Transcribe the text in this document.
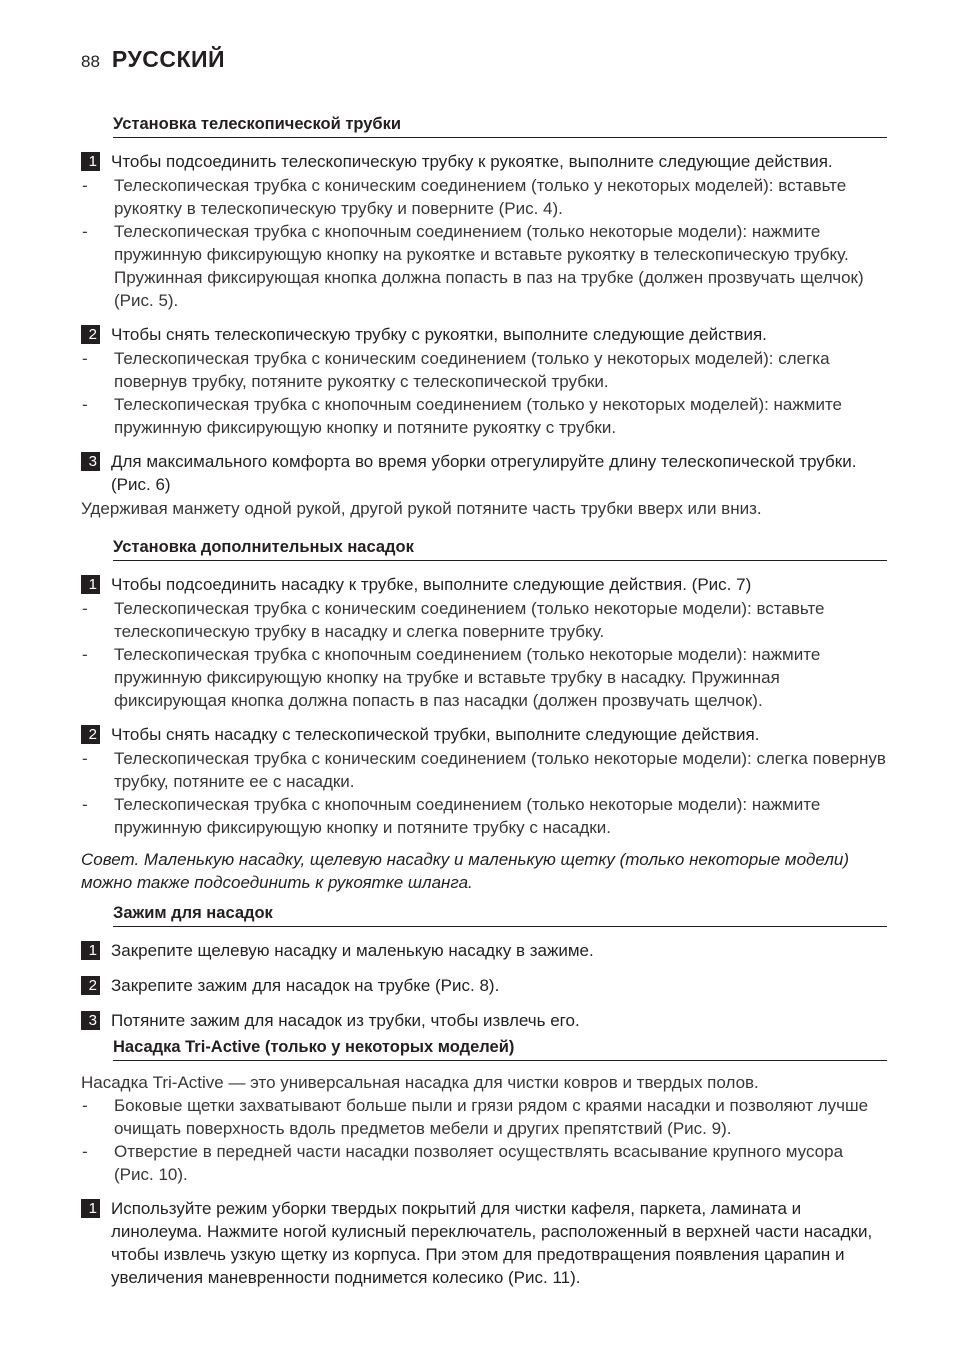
88 РУССКИЙ
Установка телескопической трубки
1 Чтобы подсоединить телескопическую трубку к рукоятке, выполните следующие действия.
-	Телескопическая трубка с коническим соединением (только у некоторых моделей): вставьте рукоятку в телескопическую трубку и поверните (Рис. 4).
-	Телескопическая трубка с кнопочным соединением (только некоторые модели): нажмите пружинную фиксирующую кнопку на рукоятке и вставьте рукоятку в телескопическую трубку. Пружинная фиксирующая кнопка должна попасть в паз на трубке (должен прозвучать щелчок) (Рис. 5).
2 Чтобы снять телескопическую трубку с рукоятки, выполните следующие действия.
-	Телескопическая трубка с коническим соединением (только у некоторых моделей): слегка повернув трубку, потяните рукоятку с телескопической трубки.
-	Телескопическая трубка с кнопочным соединением (только у некоторых моделей): нажмите пружинную фиксирующую кнопку и потяните рукоятку с трубки.
3 Для максимального комфорта во время уборки отрегулируйте длину телескопической трубки. (Рис. 6)
Удерживая манжету одной рукой, другой рукой потяните часть трубки вверх или вниз.
Установка дополнительных насадок
1 Чтобы подсоединить насадку к трубке, выполните следующие действия. (Рис. 7)
-	Телескопическая трубка с коническим соединением (только некоторые модели): вставьте телескопическую трубку в насадку и слегка поверните трубку.
-	Телескопическая трубка с кнопочным соединением (только некоторые модели): нажмите пружинную фиксирующую кнопку на трубке и вставьте трубку в насадку. Пружинная фиксирующая кнопка должна попасть в паз насадки (должен прозвучать щелчок).
2 Чтобы снять насадку с телескопической трубки, выполните следующие действия.
-	Телескопическая трубка с коническим соединением (только некоторые модели): слегка повернув трубку, потяните ее с насадки.
-	Телескопическая трубка с кнопочным соединением (только некоторые модели): нажмите пружинную фиксирующую кнопку и потяните трубку с насадки.
Совет. Маленькую насадку, щелевую насадку и маленькую щетку (только некоторые модели) можно также подсоединить к рукоятке шланга.
Зажим для насадок
1 Закрепите щелевую насадку и маленькую насадку в зажиме.
2 Закрепите зажим для насадок на трубке (Рис. 8).
3 Потяните зажим для насадок из трубки, чтобы извлечь его.
Насадка Tri-Active (только у некоторых моделей)
Насадка Tri-Active — это универсальная насадка для чистки ковров и твердых полов.
-	Боковые щетки захватывают больше пыли и грязи рядом с краями насадки и позволяют лучше очищать поверхность вдоль предметов мебели и других препятствий (Рис. 9).
-	Отверстие в передней части насадки позволяет осуществлять всасывание крупного мусора (Рис. 10).
1 Используйте режим уборки твердых покрытий для чистки кафеля, паркета, ламината и линолеума. Нажмите ногой кулисный переключатель, расположенный в верхней части насадки, чтобы извлечь узкую щетку из корпуса. При этом для предотвращения появления царапин и увеличения маневренности поднимется колесико (Рис. 11).
